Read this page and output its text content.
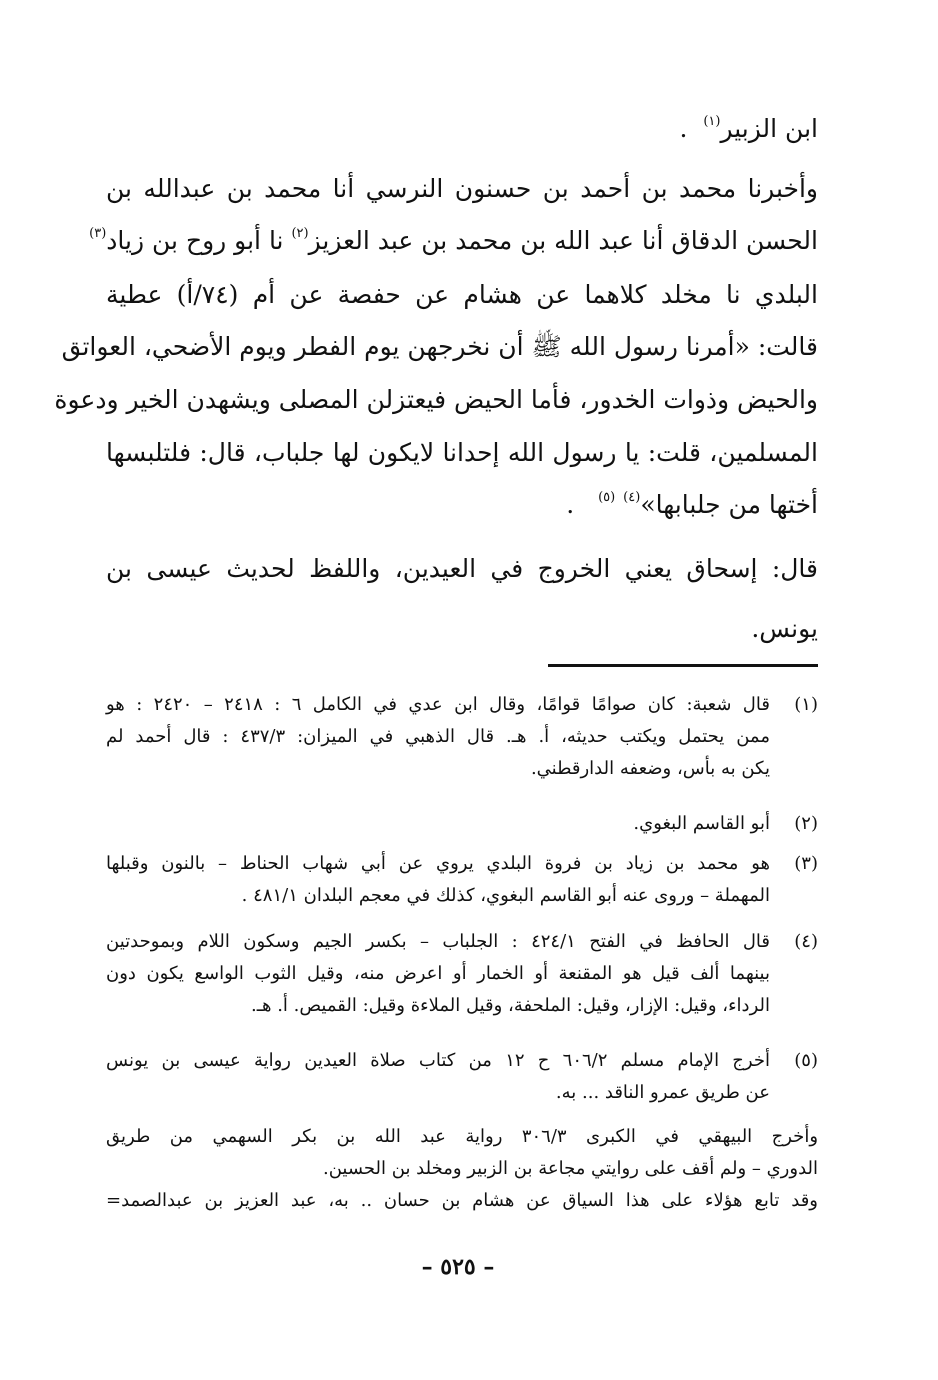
ابن الزبير$^{(١)}$  .
وأخبرنا محمد بن أحمد بن حسنون النرسي أنا محمد بن عبدالله بن
الحسن الدقاق أنا عبد الله بن محمد بن عبد العزيز$^{(٢)}$ نا أبو روح بن زياد$^{(٣)}$
البلدي نا مخلد كلاهما عن هشام عن حفصة عن أم (٧٤/أ) عطية
قالت: «أمرنا رسول الله ﷺ أن نخرجهن يوم الفطر ويوم الأضحي، العواتق
والحيض وذوات الخدور، فأما الحيض فيعتزلن المصلى ويشهدن الخير ودعوة
المسلمين، قلت: يا رسول الله إحدانا لايكون لها جلباب، قال: فلتلبسها
أختها من جلبابها»$^{(٤)}$ $^{(٥)}$   .
قال: إسحاق يعني الخروج في العيدين، واللفظ لحديث عيسى بن
يونس.
(١)
قال شعبة: كان صوامًا قوامًا، وقال ابن عدي في الكامل ٦ : ٢٤١٨ – ٢٤٢٠ : هو
ممن يحتمل ويكتب حديثه، أ. هـ. قال الذهبي في الميزان: ٤٣٧/٣ : قال أحمد لم
يكن به بأس، وضعفه الدارقطني.
(٢)
أبو القاسم البغوي.
(٣)
هو محمد بن زياد بن فروة البلدي يروي عن أبي شهاب الحناط – بالنون وقبلها
المهملة – وروى عنه أبو القاسم البغوي، كذلك في معجم البلدان ٤٨١/١ .
(٤)
قال الحافظ في الفتح ٤٢٤/١ : الجلباب – بكسر الجيم وسكون اللام وبموحدتين
بينهما ألف قيل هو المقنعة أو الخمار أو اعرض منه، وقيل الثوب الواسع يكون دون
الرداء، وقيل: الإزار، وقيل: الملحفة، وقيل الملاءة وقيل: القميص. أ. هـ.
(٥)
أخرج الإمام مسلم ٦٠٦/٢ ح ١٢ من كتاب صلاة العيدين رواية عيسى بن يونس
عن طريق عمرو الناقد ... به.
وأخرج البيهقي في الكبرى ٣٠٦/٣ رواية عبد الله بن بكر السهمي من طريق
الدوري – ولم أقف على روايتي مجاعة بن الزبير ومخلد بن الحسين.
وقد تابع هؤلاء على هذا السياق عن هشام بن حسان .. به، عبد العزيز بن عبدالصمد=
– ٥٢٥ –
